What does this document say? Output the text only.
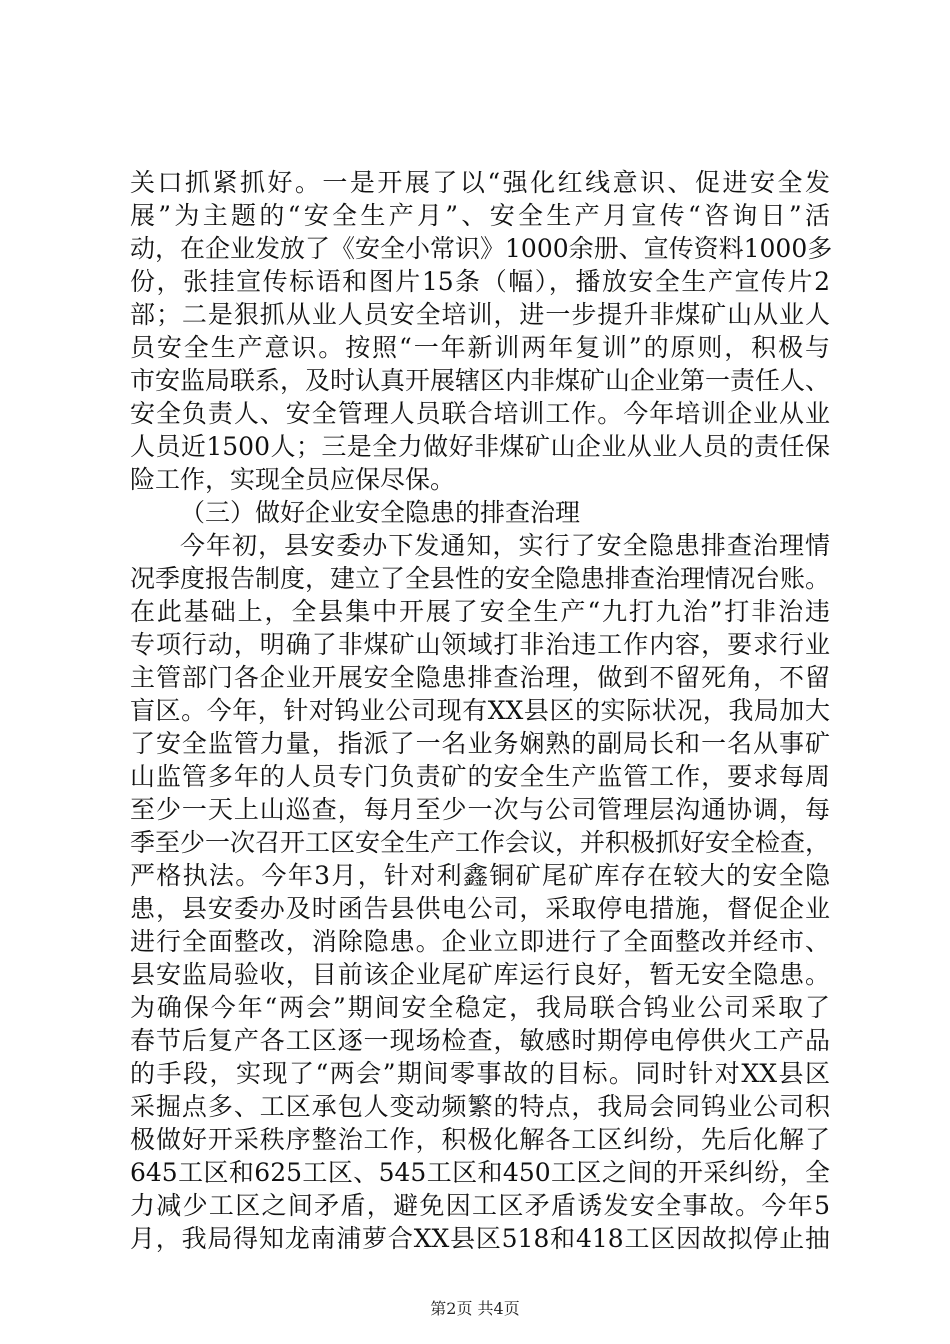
关口抓紧抓好。一是开展了以“强化红线意识、促进安全发
展”为主题的“安全生产月”、安全生产月宣传“咨询日”活
动，在企业发放了《安全小常识》1000余册、宣传资料1000多
份，张挂宣传标语和图片15条（幅），播放安全生产宣传片2
部；二是狠抓从业人员安全培训，进一步提升非煤矿山从业人
员安全生产意识。按照“一年新训两年复训”的原则，积极与
市安监局联系，及时认真开展辖区内非煤矿山企业第一责任人、
安全负责人、安全管理人员联合培训工作。今年培训企业从业
人员近1500人；三是全力做好非煤矿山企业从业人员的责任保
险工作，实现全员应保尽保。
（三）做好企业安全隐患的排查治理
今年初，县安委办下发通知，实行了安全隐患排查治理情
况季度报告制度，建立了全县性的安全隐患排查治理情况台账。
在此基础上，全县集中开展了安全生产“九打九治”打非治违
专项行动，明确了非煤矿山领域打非治违工作内容，要求行业
主管部门各企业开展安全隐患排查治理，做到不留死角，不留
盲区。今年，针对钨业公司现有XX县区的实际状况，我局加大
了安全监管力量，指派了一名业务娴熟的副局长和一名从事矿
山监管多年的人员专门负责矿的安全生产监管工作，要求每周
至少一天上山巡查，每月至少一次与公司管理层沟通协调，每
季至少一次召开工区安全生产工作会议，并积极抓好安全检查，
严格执法。今年3月，针对利鑫铜矿尾矿库存在较大的安全隐
患，县安委办及时函告县供电公司，采取停电措施，督促企业
进行全面整改，消除隐患。企业立即进行了全面整改并经市、
县安监局验收，目前该企业尾矿库运行良好，暂无安全隐患。
为确保今年“两会”期间安全稳定，我局联合钨业公司采取了
春节后复产各工区逐一现场检查，敏感时期停电停供火工产品
的手段，实现了“两会”期间零事故的目标。同时针对XX县区
采掘点多、工区承包人变动频繁的特点，我局会同钨业公司积
极做好开采秩序整治工作，积极化解各工区纠纷，先后化解了
645工区和625工区、545工区和450工区之间的开采纠纷，全
力减少工区之间矛盾，避免因工区矛盾诱发安全事故。今年5
月，我局得知龙南浦萝合XX县区518和418工区因故拟停止抽
第2页 共4页
